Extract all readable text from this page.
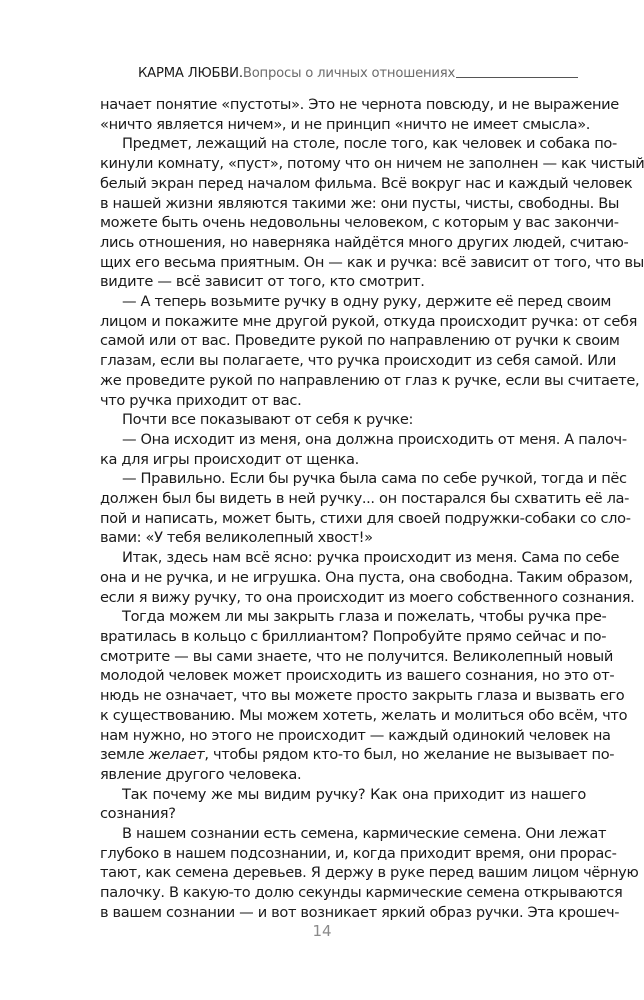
КАРМА ЛЮБВИ. Вопросы о личных отношениях
начает понятие «пустоты». Это не чернота повсюду, и не выражение
«ничто является ничем», и не принцип «ничто не имеет смысла».
Предмет, лежащий на столе, после того, как человек и собака по-
кинули комнату, «пуст», потому что он ничем не заполнен — как чистый
белый экран перед началом фильма. Всё вокруг нас и каждый человек
в нашей жизни являются такими же: они пусты, чисты, свободны. Вы
можете быть очень недовольны человеком, с которым у вас закончи-
лись отношения, но наверняка найдётся много других людей, считаю-
щих его весьма приятным. Он — как и ручка: всё зависит от того, что вы
видите — всё зависит от того, кто смотрит.
— А теперь возьмите ручку в одну руку, держите её перед своим
лицом и покажите мне другой рукой, откуда происходит ручка: от себя
самой или от вас. Проведите рукой по направлению от ручки к своим
глазам, если вы полагаете, что ручка происходит из себя самой. Или
же проведите рукой по направлению от глаз к ручке, если вы считаете,
что ручка приходит от вас.
Почти все показывают от себя к ручке:
— Она исходит из меня, она должна происходить от меня. А палоч-
ка для игры происходит от щенка.
— Правильно. Если бы ручка была сама по себе ручкой, тогда и пёс
должен был бы видеть в ней ручку... он постарался бы схватить её ла-
пой и написать, может быть, стихи для своей подружки-собаки со сло-
вами: «У тебя великолепный хвост!»
Итак, здесь нам всё ясно: ручка происходит из меня. Сама по себе
она и не ручка, и не игрушка. Она пуста, она свободна. Таким образом,
если я вижу ручку, то она происходит из моего собственного сознания.
Тогда можем ли мы закрыть глаза и пожелать, чтобы ручка пре-
вратилась в кольцо с бриллиантом? Попробуйте прямо сейчас и по-
смотрите — вы сами знаете, что не получится. Великолепный новый
молодой человек может происходить из вашего сознания, но это от-
нюдь не означает, что вы можете просто закрыть глаза и вызвать его
к существованию. Мы можем хотеть, желать и молиться обо всём, что
нам нужно, но этого не происходит — каждый одинокий человек на
земле желает, чтобы рядом кто-то был, но желание не вызывает по-
явление другого человека.
Так почему же мы видим ручку? Как она приходит из нашего
сознания?
В нашем сознании есть семена, кармические семена. Они лежат
глубоко в нашем подсознании, и, когда приходит время, они прорас-
тают, как семена деревьев. Я держу в руке перед вашим лицом чёрную
палочку. В какую-то долю секунды кармические семена открываются
в вашем сознании — и вот возникает яркий образ ручки. Эта крошеч-
14
